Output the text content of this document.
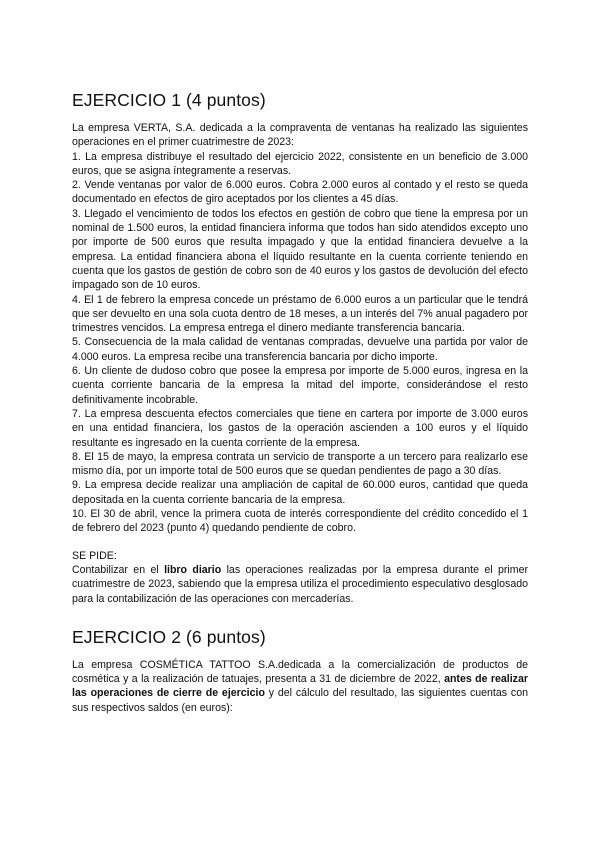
EJERCICIO 1 (4 puntos)

La empresa VERTA, S.A. dedicada a la compraventa de ventanas ha realizado las siguientes operaciones en el primer cuatrimestre de 2023:

1. La empresa distribuye el resultado del ejercicio 2022, consistente en un beneficio de 3.000 euros, que se asigna íntegramente a reservas.

2. Vende ventanas por valor de 6.000 euros. Cobra 2.000 euros al contado y el resto se queda documentado en efectos de giro aceptados por los clientes a 45 días.

3. Llegado el vencimiento de todos los efectos en gestión de cobro que tiene la empresa por un nominal de 1.500 euros, la entidad financiera informa que todos han sido atendidos excepto uno por importe de 500 euros que resulta impagado y que la entidad financiera devuelve a la empresa. La entidad financiera abona el líquido resultante en la cuenta corriente teniendo en cuenta que los gastos de gestión de cobro son de 40 euros y los gastos de devolución del efecto impagado son de 10 euros.

4. El 1 de febrero la empresa concede un préstamo de 6.000 euros a un particular que le tendrá que ser devuelto en una sola cuota dentro de 18 meses, a un interés del 7% anual pagadero por trimestres vencidos. La empresa entrega el dinero mediante transferencia bancaria.

5. Consecuencia de la mala calidad de ventanas compradas, devuelve una partida por valor de 4.000 euros. La empresa recibe una transferencia bancaria por dicho importe.

6. Un cliente de dudoso cobro que posee la empresa por importe de 5.000 euros, ingresa en la cuenta corriente bancaria de la empresa la mitad del importe, considerándose el resto definitivamente incobrable.

7. La empresa descuenta efectos comerciales que tiene en cartera por importe de 3.000 euros en una entidad financiera, los gastos de la operación ascienden a 100 euros y el líquido resultante es ingresado en la cuenta corriente de la empresa.

8. El 15 de mayo, la empresa contrata un servicio de transporte a un tercero para realizarlo ese mismo día, por un importe total de 500 euros que se quedan pendientes de pago a 30 días.

9. La empresa decide realizar una ampliación de capital de 60.000 euros, cantidad que queda depositada en la cuenta corriente bancaria de la empresa.

10. El 30 de abril, vence la primera cuota de interés correspondiente del crédito concedido el 1 de febrero del 2023 (punto 4) quedando pendiente de cobro.

SE PIDE:

Contabilizar en el libro diario las operaciones realizadas por la empresa durante el primer cuatrimestre de 2023, sabiendo que la empresa utiliza el procedimiento especulativo desglosado para la contabilización de las operaciones con mercaderías.

EJERCICIO 2 (6 puntos)

La empresa COSMÉTICA TATTOO S.A.dedicada a la comercialización de productos de cosmética y a la realización de tatuajes, presenta a 31 de diciembre de 2022, antes de realizar las operaciones de cierre de ejercicio y del cálculo del resultado, las siguientes cuentas con sus respectivos saldos (en euros):
